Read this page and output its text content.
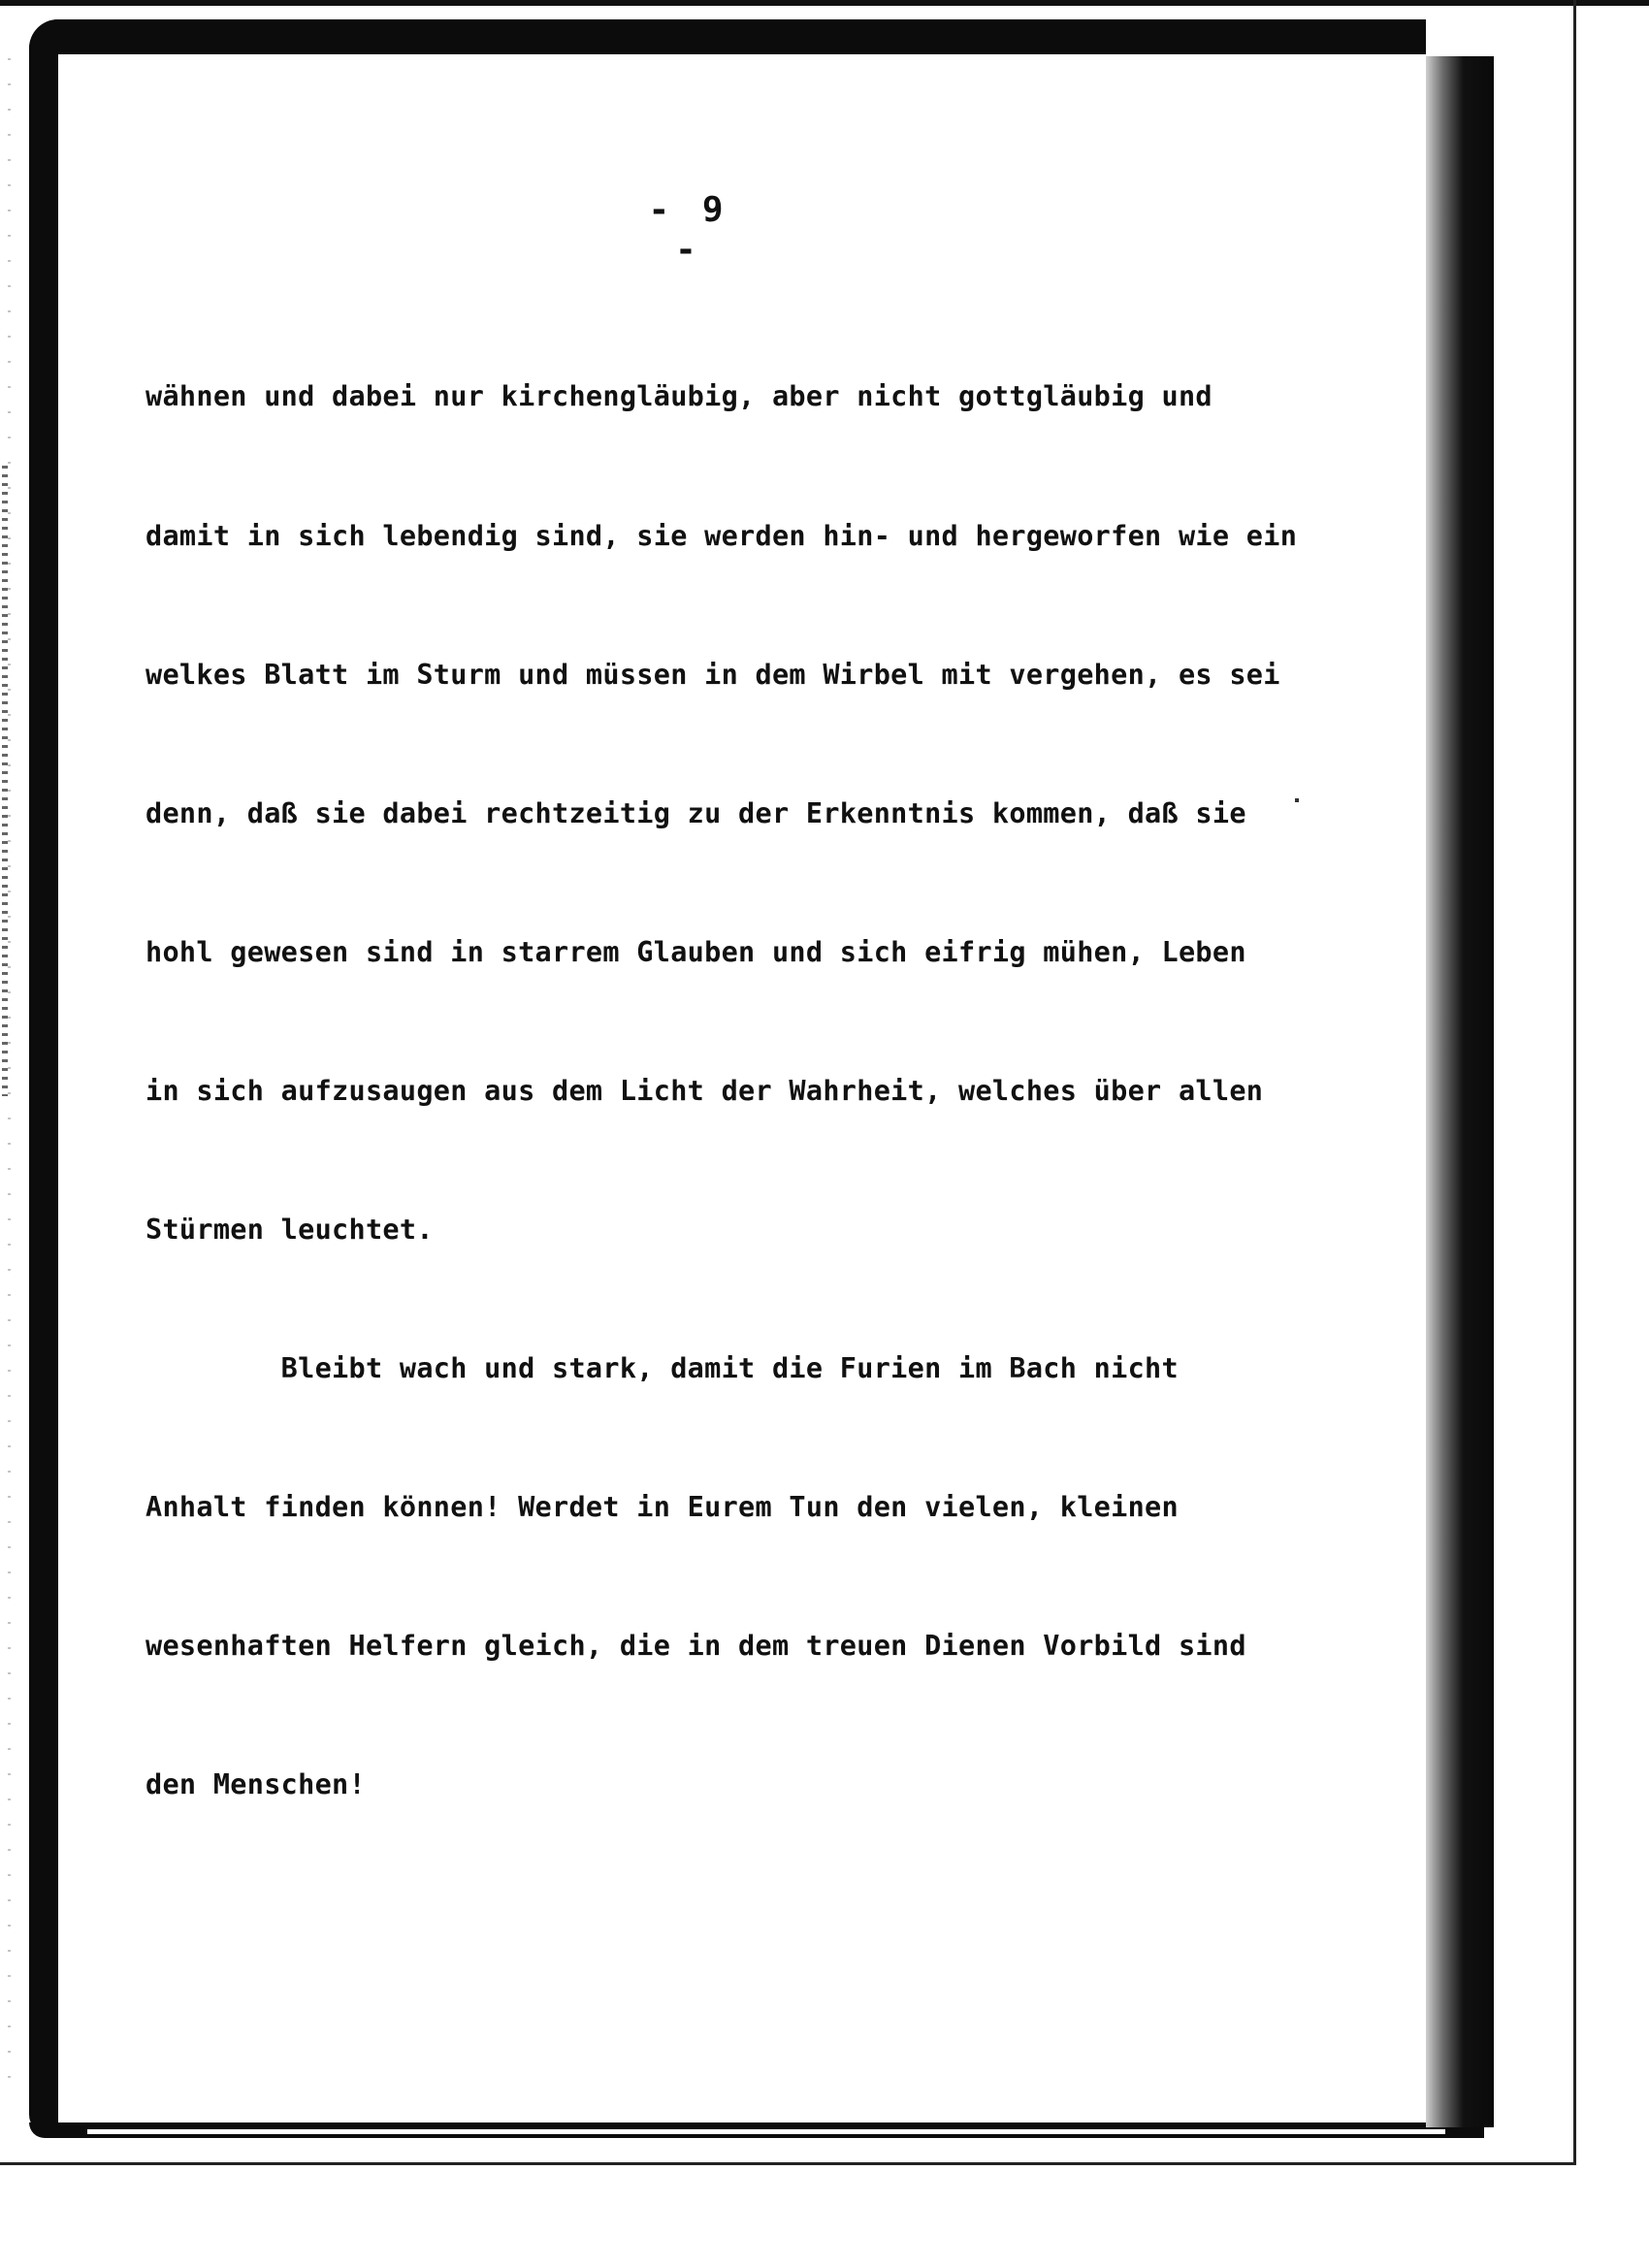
- 9 -

wähnen und dabei nur kirchengläubig, aber nicht gottgläubig und

damit in sich lebendig sind, sie werden hin- und hergeworfen wie ein

welkes Blatt im Sturm und müssen in dem Wirbel mit vergehen, es sei

denn, daß sie dabei rechtzeitig zu der Erkenntnis kommen, daß sie

hohl gewesen sind in starrem Glauben und sich eifrig mühen, Leben

in sich aufzusaugen aus dem Licht der Wahrheit, welches über allen

Stürmen leuchtet.

Bleibt wach und stark, damit die Furien im Bach nicht

Anhalt finden können! Werdet in Eurem Tun den vielen, kleinen

wesenhaften Helfern gleich, die in dem treuen Dienen Vorbild sind

den Menschen!
